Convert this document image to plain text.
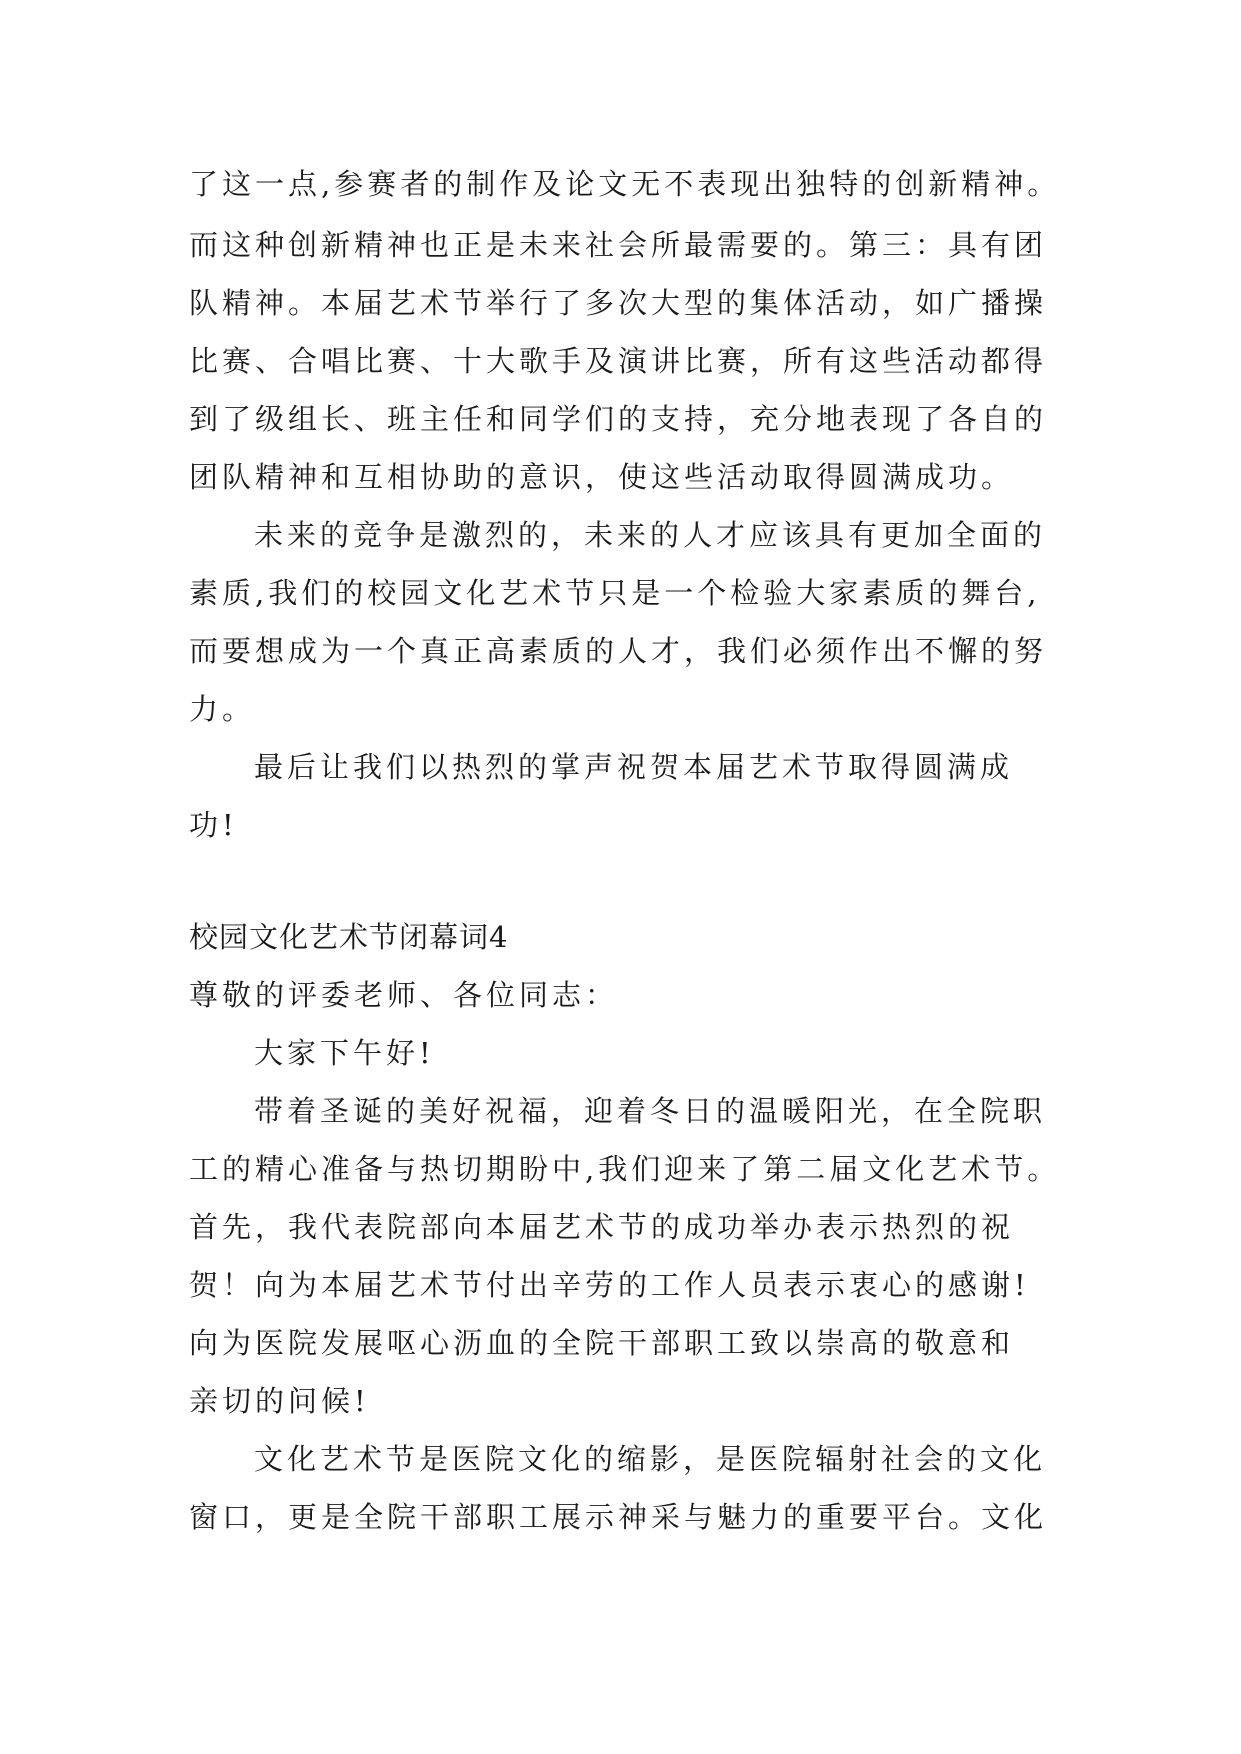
了这一点,参赛者的制作及论文无不表现出独特的创新精神。
而这种创新精神也正是未来社会所最需要的。第三：具有团
队精神。本届艺术节举行了多次大型的集体活动，如广播操
比赛、合唱比赛、十大歌手及演讲比赛，所有这些活动都得
到了级组长、班主任和同学们的支持，充分地表现了各自的
团队精神和互相协助的意识，使这些活动取得圆满成功。
未来的竞争是激烈的，未来的人才应该具有更加全面的
素质,我们的校园文化艺术节只是一个检验大家素质的舞台,
而要想成为一个真正高素质的人才，我们必须作出不懈的努
力。
最后让我们以热烈的掌声祝贺本届艺术节取得圆满成
功!
校园文化艺术节闭幕词4
尊敬的评委老师、各位同志：
大家下午好!
带着圣诞的美好祝福，迎着冬日的温暖阳光，在全院职
工的精心准备与热切期盼中,我们迎来了第二届文化艺术节。
首先，我代表院部向本届艺术节的成功举办表示热烈的祝
贺！向为本届艺术节付出辛劳的工作人员表示衷心的感谢!
向为医院发展呕心沥血的全院干部职工致以崇高的敬意和
亲切的问候!
文化艺术节是医院文化的缩影，是医院辐射社会的文化
窗口，更是全院干部职工展示神采与魅力的重要平台。文化
